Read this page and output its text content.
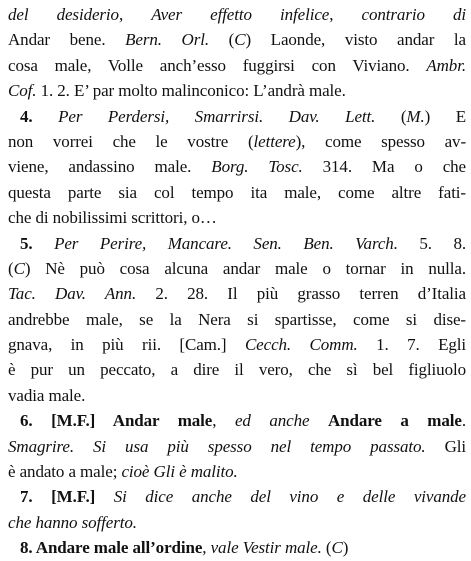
del desiderio, Aver effetto infelice, contrario di
Andar bene. Bern. Orl. (C) Laonde, visto andar la
cosa male, Volle anch’esso fuggirsi con Viviano. Ambr.
Cof. 1. 2. E’ par molto malinconico: L’andrà male.
4. Per Perdersi, Smarrirsi. Dav. Lett. (M.) E
non vorrei che le vostre (lettere), come spesso av-
viene, andassino male. Borg. Tosc. 314. Ma o che
questa parte sia col tempo ita male, come altre fati-
che di nobilissimi scrittori, o…
5. Per Perire, Mancare. Sen. Ben. Varch. 5. 8.
(C) Nè può cosa alcuna andar male o tornar in nulla.
Tac. Dav. Ann. 2. 28. Il più grasso terren d’Italia
andrebbe male, se la Nera si spartisse, come si dise-
gnava, in più rii. [Cam.] Cecch. Comm. 1. 7. Egli
è pur un peccato, a dire il vero, che sì bel figliuolo
vadia male.
6. [M.F.] Andar male, ed anche Andare a male.
Smagrire. Si usa più spesso nel tempo passato. Gli
è andato a male; cioè Gli è malito.
7. [M.F.] Si dice anche del vino e delle vivande
che hanno sofferto.
8. Andare male all’ordine, vale Vestir male. (C)
